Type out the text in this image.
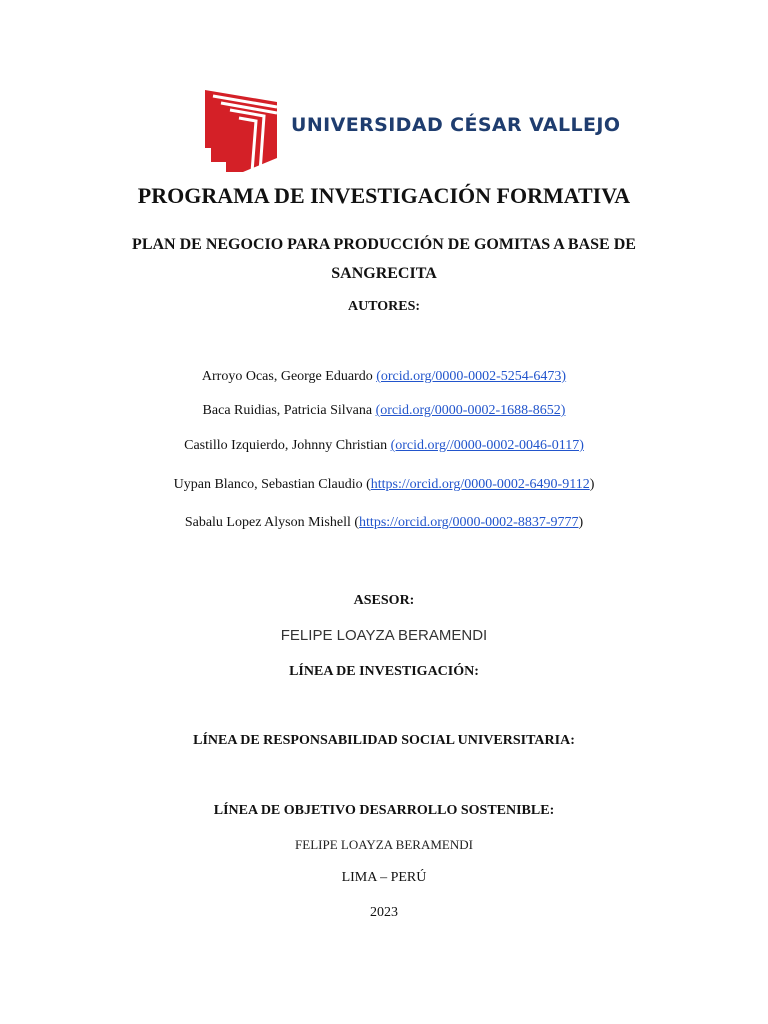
UNIVERSIDAD CÉSAR VALLEJO
PROGRAMA DE INVESTIGACIÓN FORMATIVA
PLAN DE NEGOCIO PARA PRODUCCIÓN DE GOMITAS A BASE DE
SANGRECITA
AUTORES:
Arroyo Ocas, George Eduardo (orcid.org/0000-0002-5254-6473)
Baca Ruidias, Patricia Silvana (orcid.org/0000-0002-1688-8652)
Castillo Izquierdo, Johnny Christian (orcid.org//0000-0002-0046-0117)
Uypan Blanco, Sebastian Claudio (https://orcid.org/0000-0002-6490-9112)
Sabalu Lopez Alyson Mishell (https://orcid.org/0000-0002-8837-9777)
ASESOR:
FELIPE LOAYZA BERAMENDI
LÍNEA DE INVESTIGACIÓN:
LÍNEA DE RESPONSABILIDAD SOCIAL UNIVERSITARIA:
LÍNEA DE OBJETIVO DESARROLLO SOSTENIBLE:
FELIPE LOAYZA BERAMENDI
LIMA – PERÚ
2023
